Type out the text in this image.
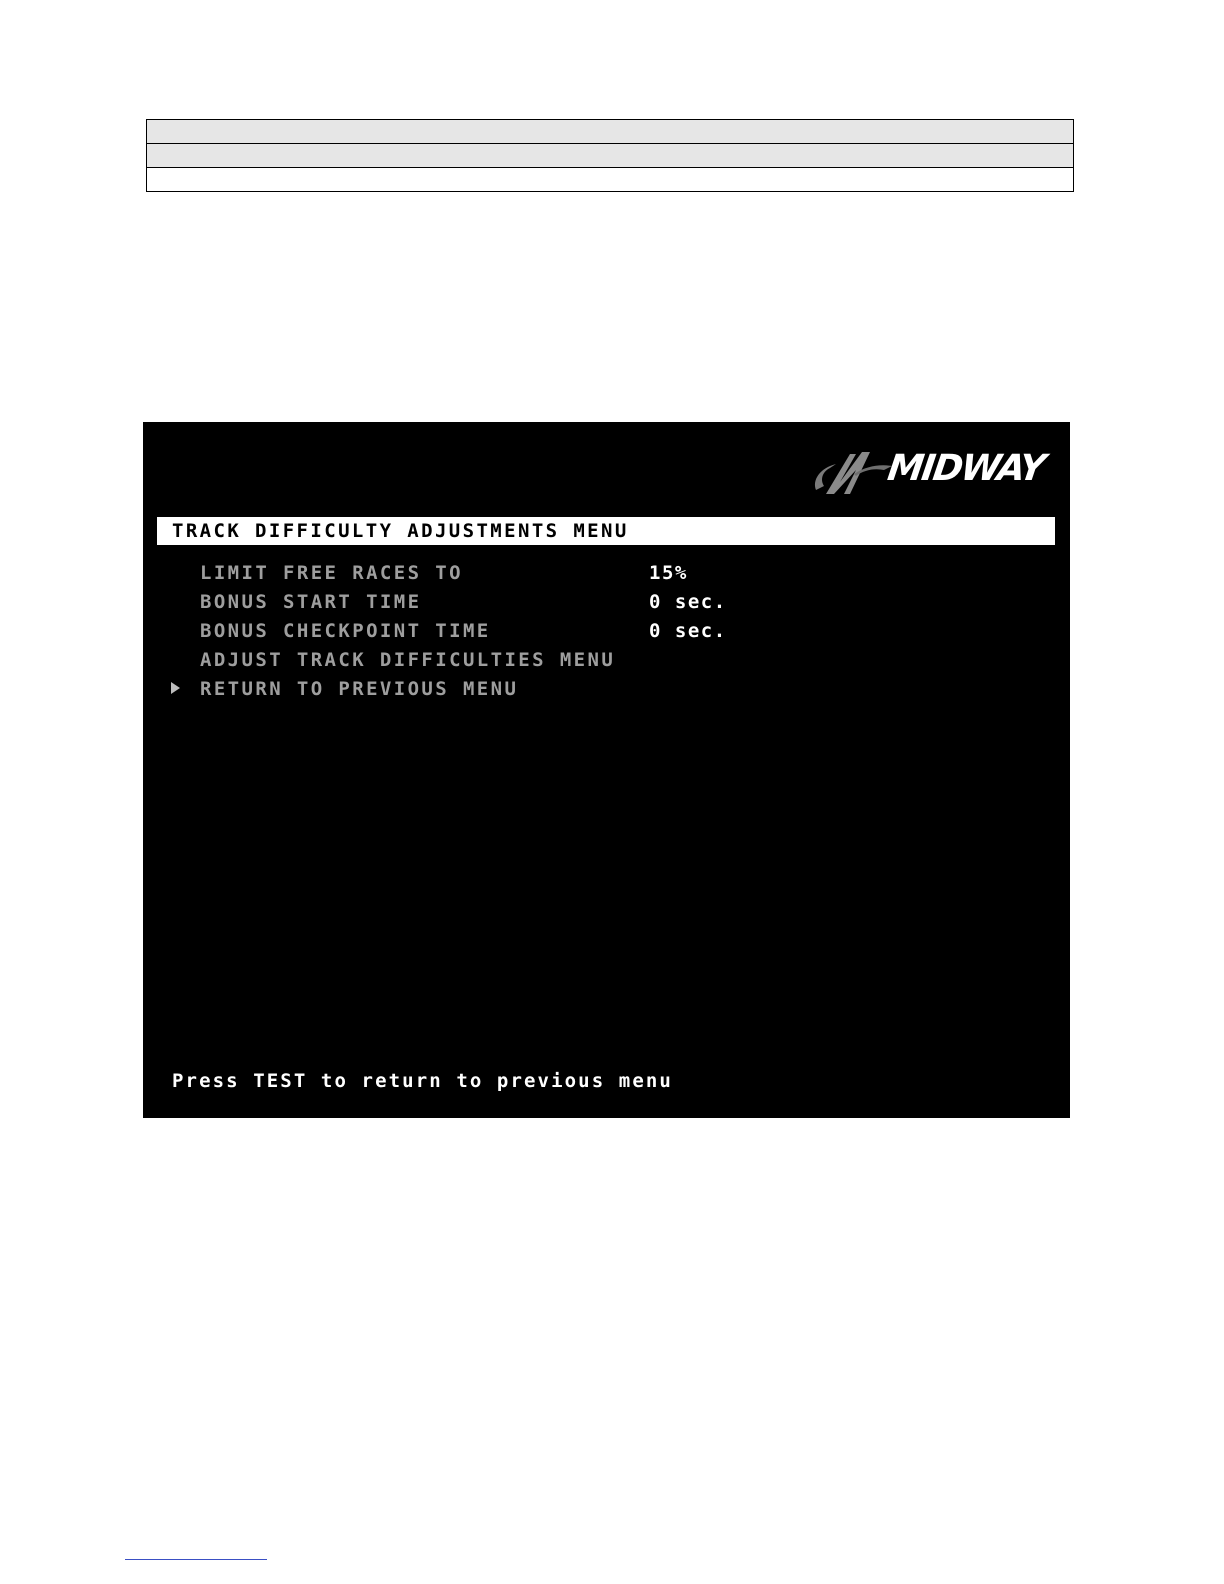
MIDWAY
TRACK DIFFICULTY ADJUSTMENTS MENU
LIMIT FREE RACES TO	15%
BONUS START TIME	0 sec.
BONUS CHECKPOINT TIME	0 sec.
ADJUST TRACK DIFFICULTIES MENU
RETURN TO PREVIOUS MENU
Press TEST to return to previous menu
